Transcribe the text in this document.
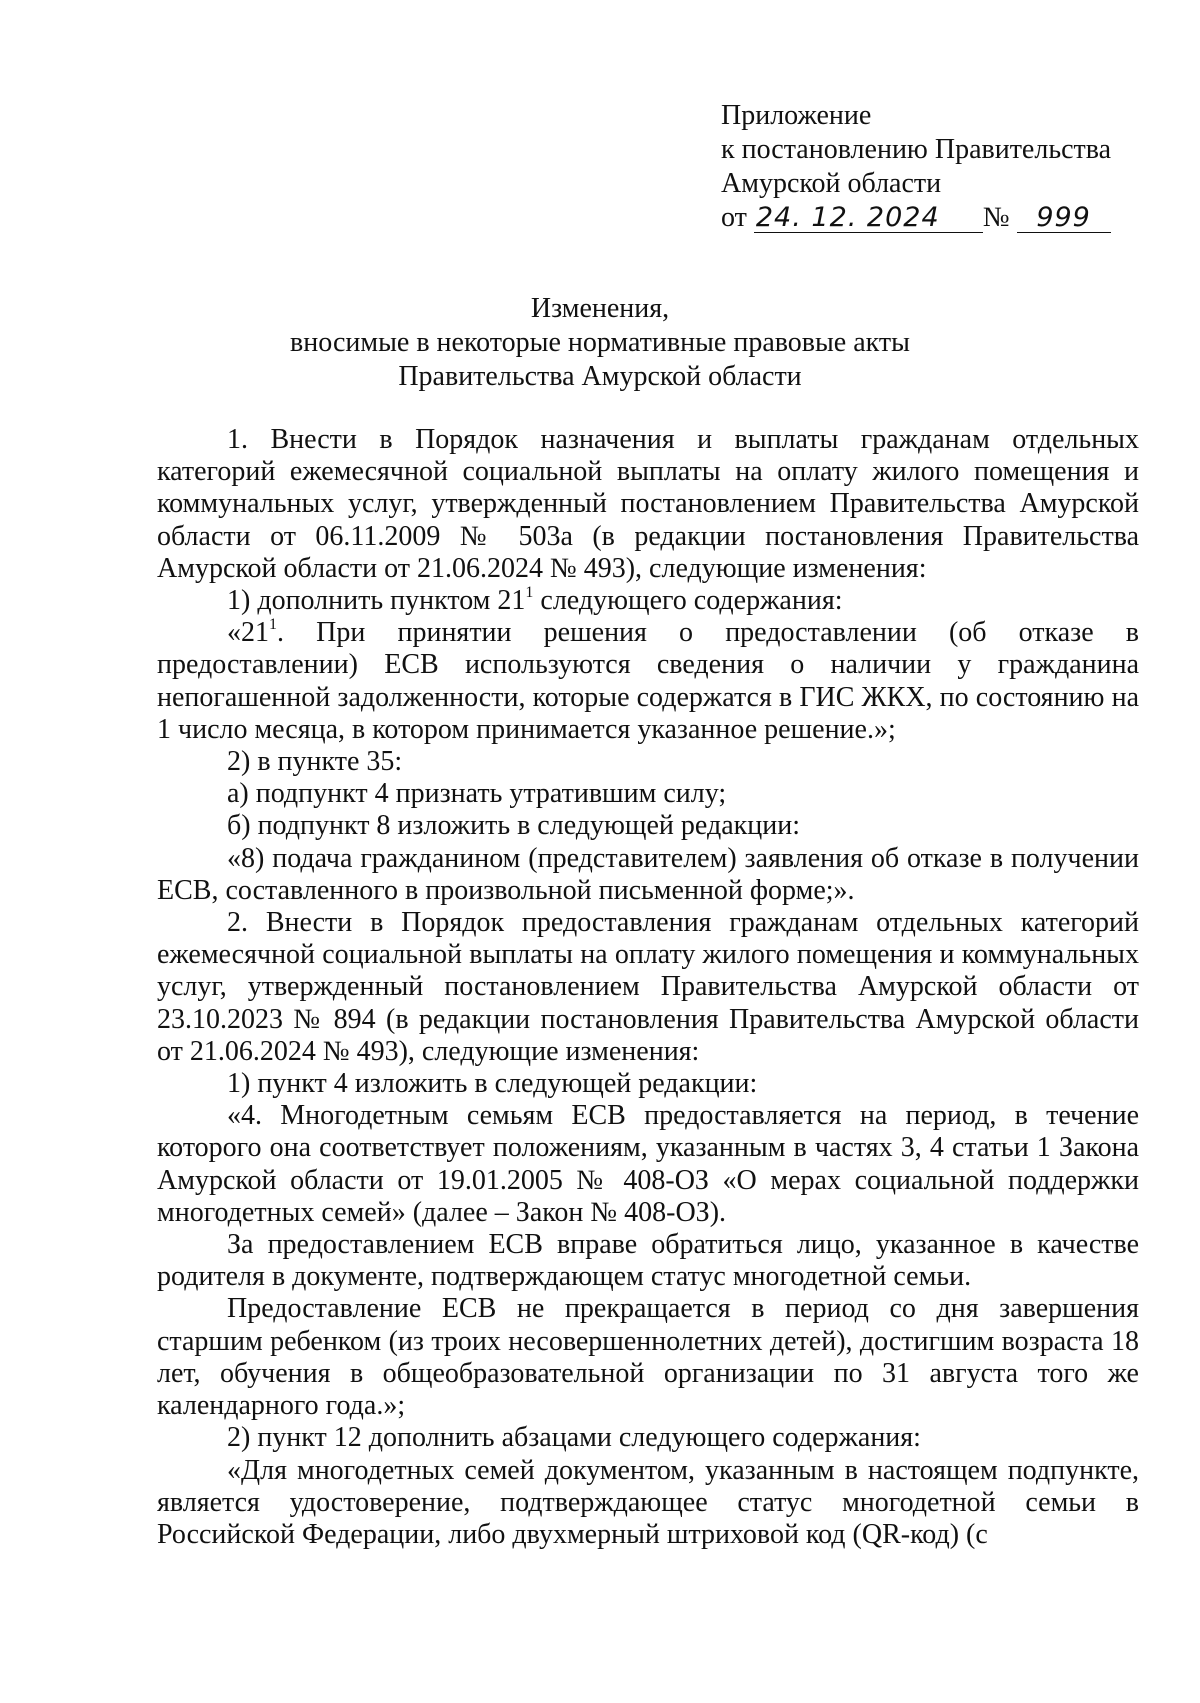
Приложение
к постановлению Правительства
Амурской области
от 24. 12. 2024 № 999
Изменения,
вносимые в некоторые нормативные правовые акты
Правительства Амурской области

1. Внести в Порядок назначения и выплаты гражданам отдельных категорий ежемесячной социальной выплаты на оплату жилого помещения и коммунальных услуг, утвержденный постановлением Правительства Амурской области от 06.11.2009 № 503а (в редакции постановления Правительства Амурской области от 21.06.2024 № 493), следующие изменения:

1) дополнить пунктом $21^1$ следующего содержания:

«$21^1$. При принятии решения о предоставлении (об отказе в предоставлении) ЕСВ используются сведения о наличии у гражданина непогашенной задолженности, которые содержатся в ГИС ЖКХ, по состоянию на 1 число месяца, в котором принимается указанное решение.»;

2) в пункте 35:

а) подпункт 4 признать утратившим силу;

б) подпункт 8 изложить в следующей редакции:

«8) подача гражданином (представителем) заявления об отказе в получении ЕСВ, составленного в произвольной письменной форме;».

2. Внести в Порядок предоставления гражданам отдельных категорий ежемесячной социальной выплаты на оплату жилого помещения и коммунальных услуг, утвержденный постановлением Правительства Амурской области от 23.10.2023 № 894 (в редакции постановления Правительства Амурской области от 21.06.2024 № 493), следующие изменения:

1) пункт 4 изложить в следующей редакции:

«4. Многодетным семьям ЕСВ предоставляется на период, в течение которого она соответствует положениям, указанным в частях 3, 4 статьи 1 Закона Амурской области от 19.01.2005 № 408-ОЗ «О мерах социальной поддержки многодетных семей» (далее – Закон № 408-ОЗ).

За предоставлением ЕСВ вправе обратиться лицо, указанное в качестве родителя в документе, подтверждающем статус многодетной семьи.

Предоставление ЕСВ не прекращается в период со дня завершения старшим ребенком (из троих несовершеннолетних детей), достигшим возраста 18 лет, обучения в общеобразовательной организации по 31 августа того же календарного года.»;

2) пункт 12 дополнить абзацами следующего содержания:

«Для многодетных семей документом, указанным в настоящем подпункте, является удостоверение, подтверждающее статус многодетной семьи в Российской Федерации, либо двухмерный штриховой код (QR-код) (с
